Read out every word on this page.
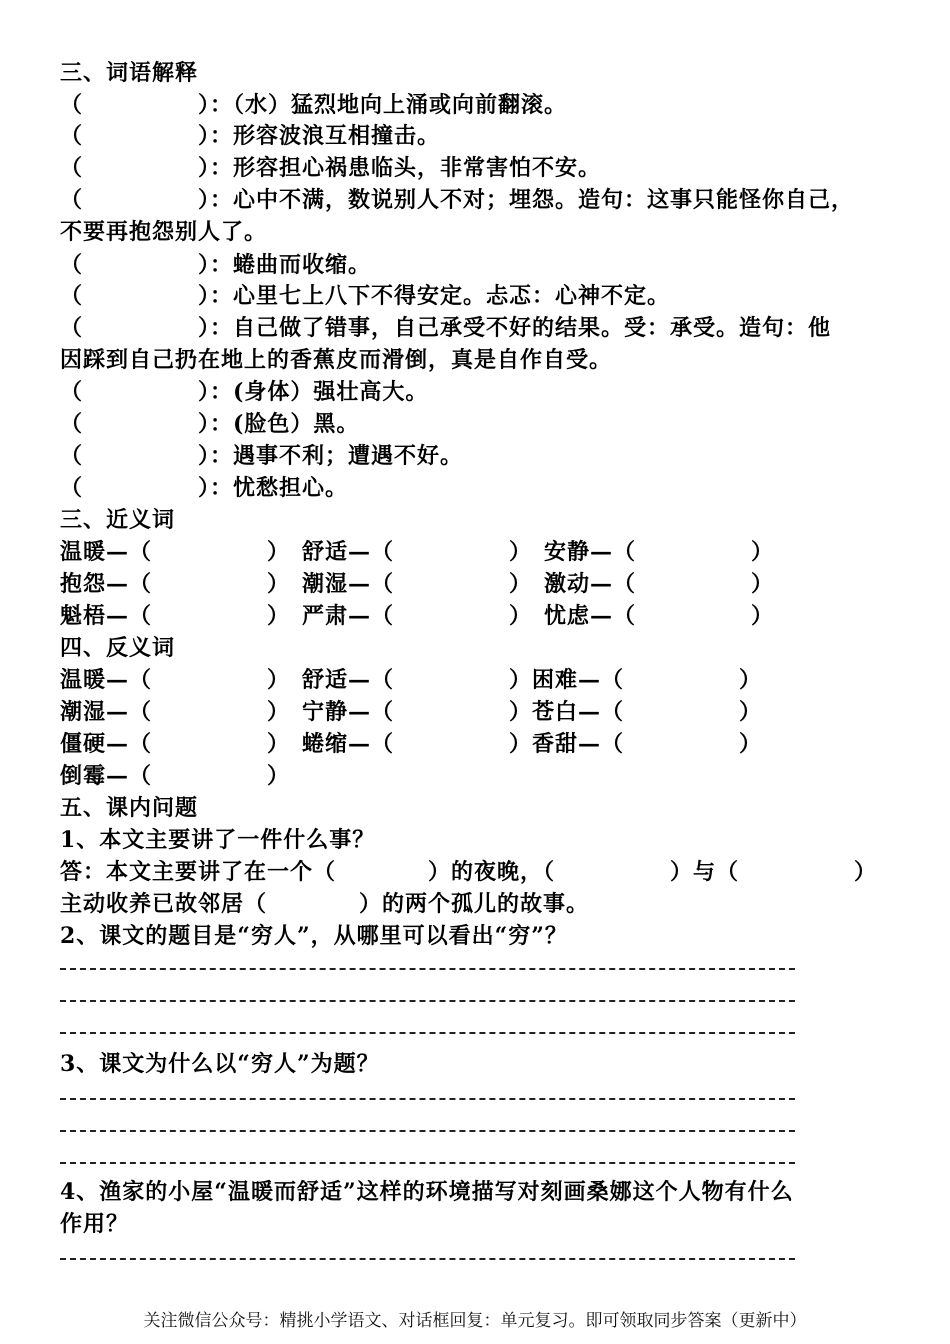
三、词语解释
（　　　　　）：（水）猛烈地向上涌或向前翻滚。
（　　　　　）：形容波浪互相撞击。
（　　　　　）：形容担心祸患临头，非常害怕不安。
（　　　　　）：心中不满，数说别人不对；埋怨。造句：这事只能怪你自己，
不要再抱怨别人了。
（　　　　　）：蜷曲而收缩。
（　　　　　）：心里七上八下不得安定。忐忑：心神不定。
（　　　　　）：自己做了错事，自己承受不好的结果。受：承受。造句：他
因踩到自己扔在地上的香蕉皮而滑倒，真是自作自受。
（　　　　　）：(身体）强壮高大。
（　　　　　）：(脸色）黑。
（　　　　　）：遇事不利；遭遇不好。
（　　　　　）：忧愁担心。
三、近义词
温暖—（　　　　　）　舒适—（　　　　　）　安静—（　　　　　）
抱怨—（　　　　　）　潮湿—（　　　　　）　激动—（　　　　　）
魁梧—（　　　　　）　严肃—（　　　　　）　忧虑—（　　　　　）
四、反义词
温暖—（　　　　　）　舒适—（　　　　　）困难—（　　　　　）
潮湿—（　　　　　）　宁静—（　　　　　）苍白—（　　　　　）
僵硬—（　　　　　）　蜷缩—（　　　　　）香甜—（　　　　　）
倒霉—（　　　　　）
五、课内问题
1、本文主要讲了一件什么事？
答：本文主要讲了在一个（　　　　）的夜晚，（　　　　　）与（　　　　　）
主动收养已故邻居（　　　　）的两个孤儿的故事。
2、课文的题目是“穷人”，从哪里可以看出“穷”？
3、课文为什么以“穷人”为题？
4、渔家的小屋“温暖而舒适”这样的环境描写对刻画桑娜这个人物有什么
作用？
关注微信公众号：精挑小学语文、对话框回复：单元复习。即可领取同步答案（更新中）
